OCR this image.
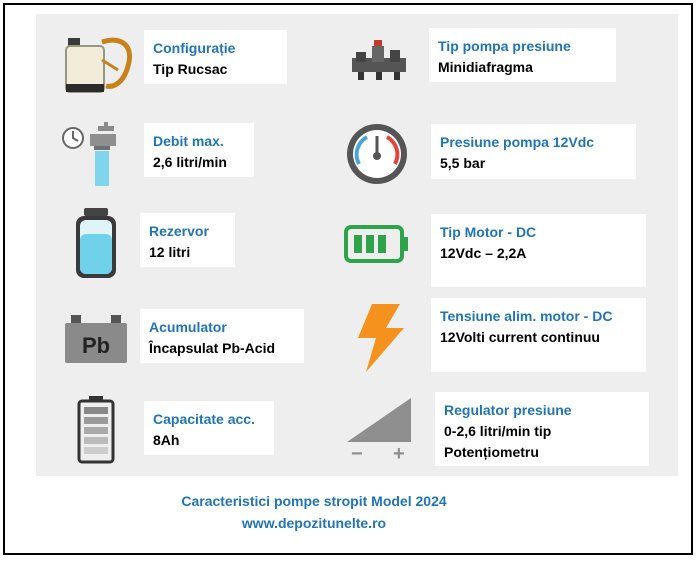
Configurație
Tip Rucsac
Tip pompa presiune
Minidiafragma
Debit max.
2,6 litri/min
Presiune pompa 12Vdc
5,5 bar
Rezervor
12 litri
Tip Motor - DC
12Vdc – 2,2A
Pb
Acumulator
Încapsulat Pb-Acid
Tensiune alim. motor - DC
12Volti current continuu
Capacitate acc.
8Ah
− +
Regulator presiune
0-2,6 litri/min tip
Potențiometru
Caracteristici pompe stropit Model 2024
www.depozitunelte.ro
